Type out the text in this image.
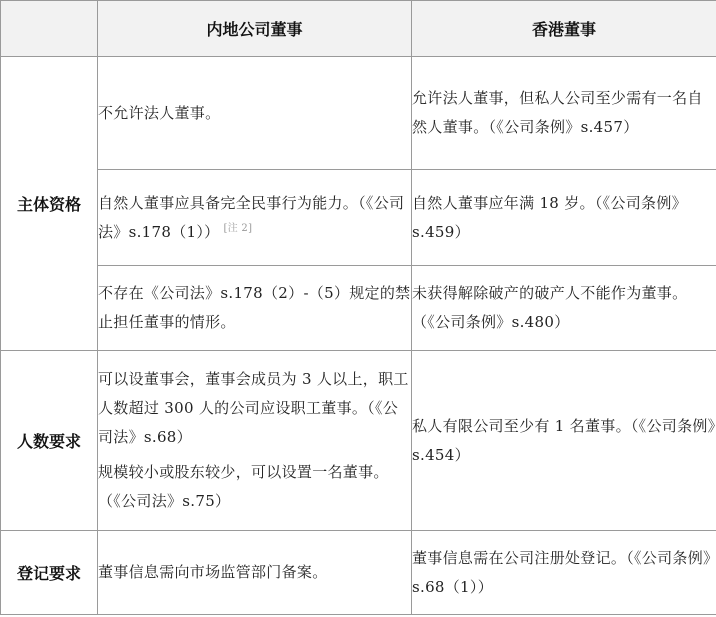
	内地公司董事	香港董事
主体资格	不允许法人董事。	允许法人董事，但私人公司至少需有一名自然人董事。（《公司条例》s.457）

	自然人董事应具备完全民事行为能力。（《公司法》s.178（1）） [注 2]	自然人董事应年满 18 岁。（《公司条例》s.459）

	不存在《公司法》s.178（2）-（5）规定的禁止担任董事的情形。	未获得解除破产的破产人不能作为董事。（《公司条例》s.480）

人数要求	可以设董事会，董事会成员为 3 人以上，职工人数超过 300 人的公司应设职工董事。（《公司法》s.68）
规模较小或股东较少，可以设置一名董事。（《公司法》s.75）	私人有限公司至少有 1 名董事。（《公司条例》s.454）

登记要求	董事信息需向市场监管部门备案。	董事信息需在公司注册处登记。（《公司条例》s.68（1））
